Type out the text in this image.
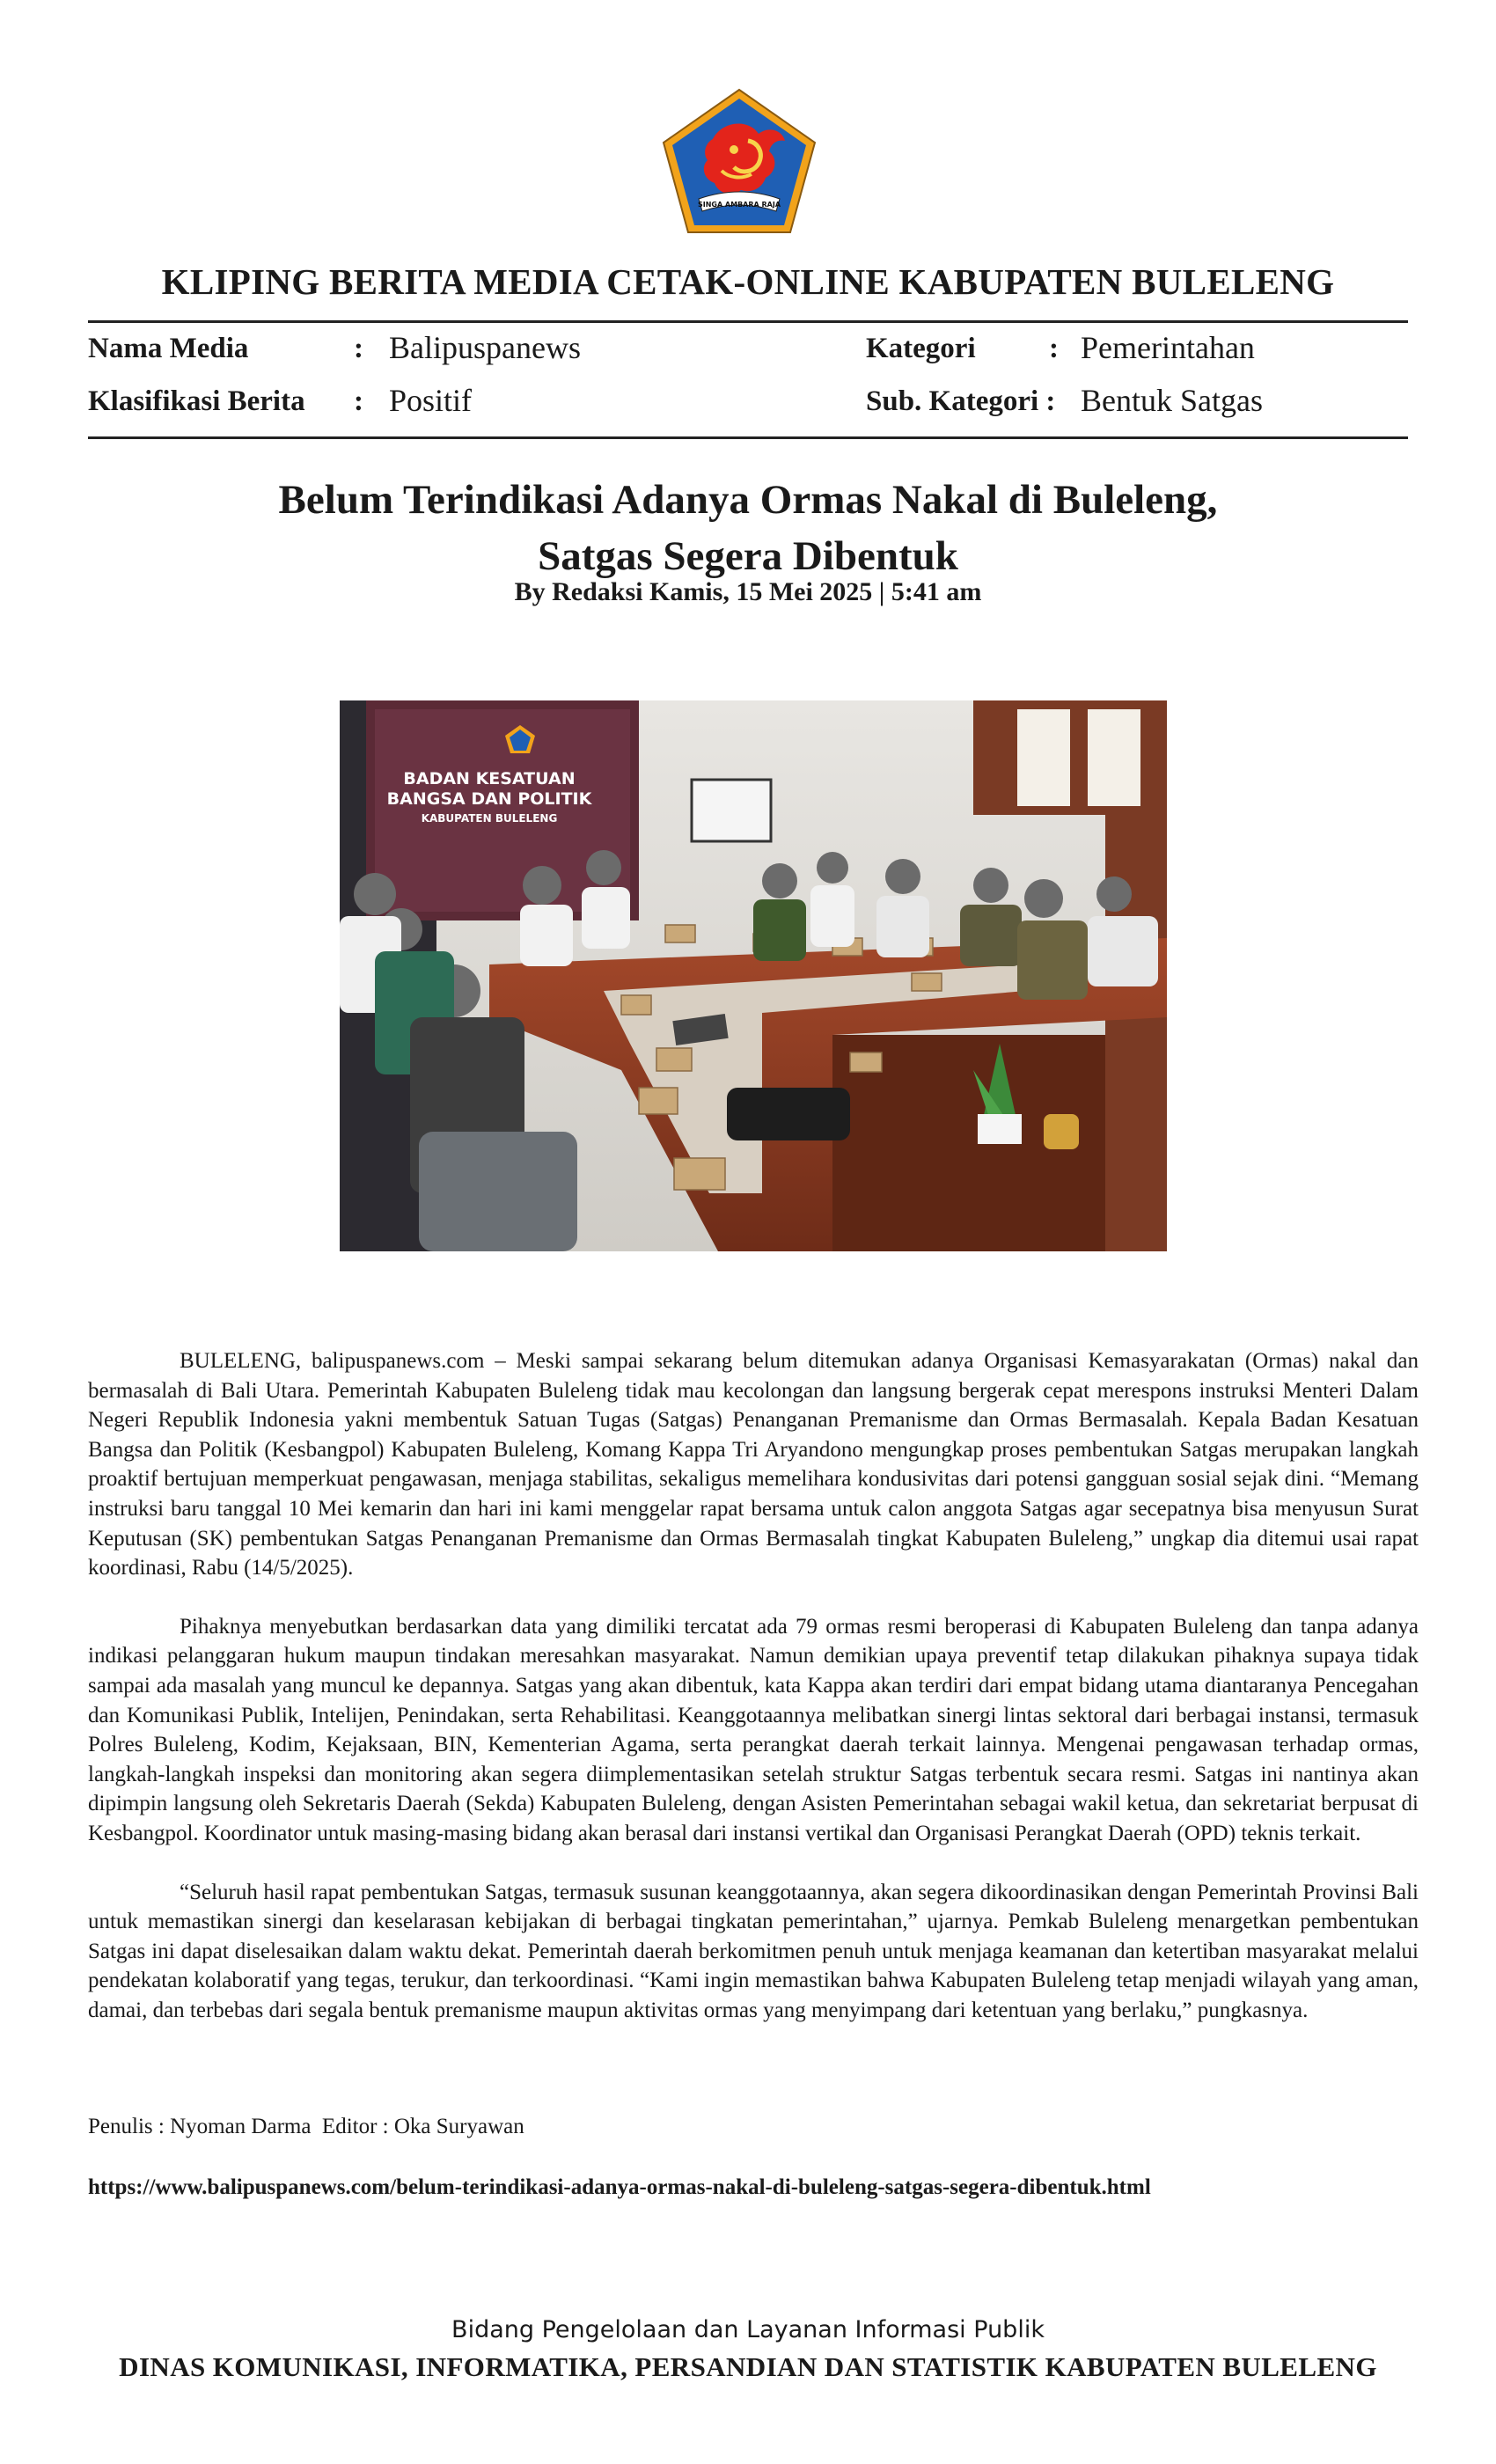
SINGA AMBARA RAJA
KLIPING BERITA MEDIA CETAK-ONLINE KABUPATEN BULELENG
Nama Media	: Balipuspanews
Klasifikasi Berita : Positif
Kategori	: Pemerintahan
Sub. Kategori : Bentuk Satgas
Belum Terindikasi Adanya Ormas Nakal di Buleleng,
Satgas Segera Dibentuk
By Redaksi Kamis, 15 Mei 2025 | 5:41 am
BADAN KESATUAN
BANGSA DAN POLITIK
KABUPATEN BULELENG

BULELENG, balipuspanews.com – Meski sampai sekarang belum ditemukan adanya Organisasi Kemasyarakatan (Ormas) nakal dan bermasalah di Bali Utara. Pemerintah Kabupaten Buleleng tidak mau kecolongan dan langsung bergerak cepat merespons instruksi Menteri Dalam Negeri Republik Indonesia yakni membentuk Satuan Tugas (Satgas) Penanganan Premanisme dan Ormas Bermasalah. Kepala Badan Kesatuan Bangsa dan Politik (Kesbangpol) Kabupaten Buleleng, Komang Kappa Tri Aryandono mengungkap proses pembentukan Satgas merupakan langkah proaktif bertujuan memperkuat pengawasan, menjaga stabilitas, sekaligus memelihara kondusivitas dari potensi gangguan sosial sejak dini. “Memang instruksi baru tanggal 10 Mei kemarin dan hari ini kami menggelar rapat bersama untuk calon anggota Satgas agar secepatnya bisa menyusun Surat Keputusan (SK) pembentukan Satgas Penanganan Premanisme dan Ormas Bermasalah tingkat Kabupaten Buleleng,” ungkap dia ditemui usai rapat koordinasi, Rabu (14/5/2025).

Pihaknya menyebutkan berdasarkan data yang dimiliki tercatat ada 79 ormas resmi beroperasi di Kabupaten Buleleng dan tanpa adanya indikasi pelanggaran hukum maupun tindakan meresahkan masyarakat. Namun demikian upaya preventif tetap dilakukan pihaknya supaya tidak sampai ada masalah yang muncul ke depannya. Satgas yang akan dibentuk, kata Kappa akan terdiri dari empat bidang utama diantaranya Pencegahan dan Komunikasi Publik, Intelijen, Penindakan, serta Rehabilitasi. Keanggotaannya melibatkan sinergi lintas sektoral dari berbagai instansi, termasuk Polres Buleleng, Kodim, Kejaksaan, BIN, Kementerian Agama, serta perangkat daerah terkait lainnya. Mengenai pengawasan terhadap ormas, langkah-langkah inspeksi dan monitoring akan segera diimplementasikan setelah struktur Satgas terbentuk secara resmi. Satgas ini nantinya akan dipimpin langsung oleh Sekretaris Daerah (Sekda) Kabupaten Buleleng, dengan Asisten Pemerintahan sebagai wakil ketua, dan sekretariat berpusat di Kesbangpol. Koordinator untuk masing-masing bidang akan berasal dari instansi vertikal dan Organisasi Perangkat Daerah (OPD) teknis terkait.

“Seluruh hasil rapat pembentukan Satgas, termasuk susunan keanggotaannya, akan segera dikoordinasikan dengan Pemerintah Provinsi Bali untuk memastikan sinergi dan keselarasan kebijakan di berbagai tingkatan pemerintahan,” ujarnya. Pemkab Buleleng menargetkan pembentukan Satgas ini dapat diselesaikan dalam waktu dekat. Pemerintah daerah berkomitmen penuh untuk menjaga keamanan dan ketertiban masyarakat melalui pendekatan kolaboratif yang tegas, terukur, dan terkoordinasi. “Kami ingin memastikan bahwa Kabupaten Buleleng tetap menjadi wilayah yang aman, damai, dan terbebas dari segala bentuk premanisme maupun aktivitas ormas yang menyimpang dari ketentuan yang berlaku,” pungkasnya.

Penulis : Nyoman Darma  Editor : Oka Suryawan
https://www.balipuspanews.com/belum-terindikasi-adanya-ormas-nakal-di-buleleng-satgas-segera-dibentuk.html
Bidang Pengelolaan dan Layanan Informasi Publik
DINAS KOMUNIKASI, INFORMATIKA, PERSANDIAN DAN STATISTIK KABUPATEN BULELENG
